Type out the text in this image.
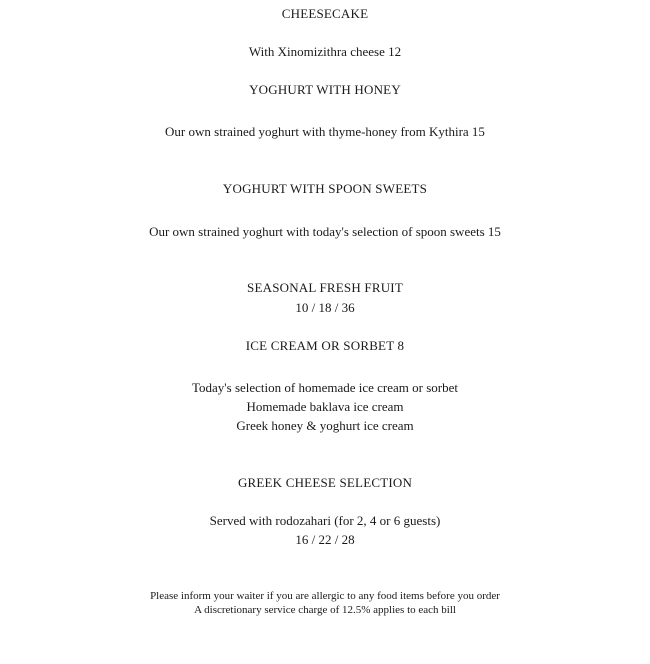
CHEESECAKE
With Xinomizithra cheese 12
YOGHURT WITH HONEY
Our own strained yoghurt with thyme-honey from Kythira 15
YOGHURT WITH SPOON SWEETS
Our own strained yoghurt with today's selection of spoon sweets 15
SEASONAL FRESH FRUIT
10 / 18 / 36
ICE CREAM OR SORBET 8
Today's selection of homemade ice cream or sorbet
Homemade baklava ice cream
Greek honey & yoghurt ice cream
GREEK CHEESE SELECTION
Served with rodozahari (for 2, 4 or 6 guests)
16 / 22 / 28
Please inform your waiter if you are allergic to any food items before you order
A discretionary service charge of 12.5% applies to each bill
